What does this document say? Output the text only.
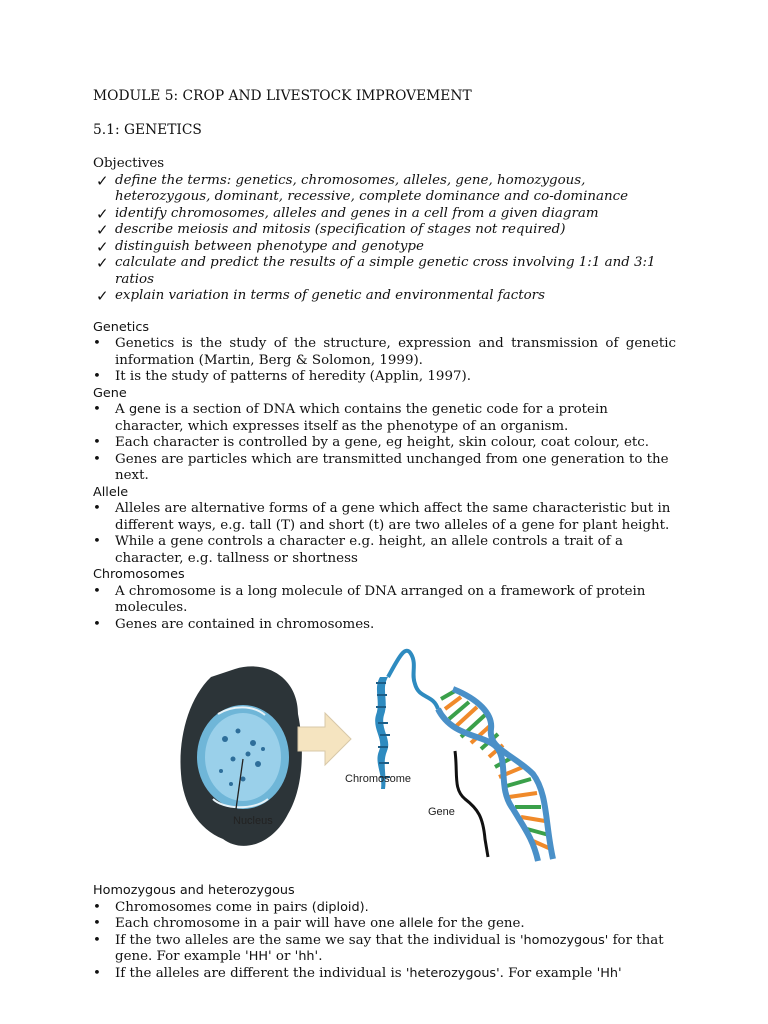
MODULE 5: CROP AND LIVESTOCK IMPROVEMENT
5.1: GENETICS
Objectives
✓ define the terms: genetics, chromosomes, alleles, gene, homozygous, heterozygous, dominant, recessive, complete dominance and co-dominance
✓ identify chromosomes, alleles and genes in a cell from a given diagram
✓ describe meiosis and mitosis (specification of stages not required)
✓ distinguish between phenotype and genotype
✓ calculate and predict the results of a simple genetic cross involving 1:1 and 3:1 ratios
✓ explain variation in terms of genetic and environmental factors
Genetics
• Genetics is the study of the structure, expression and transmission of genetic information (Martin, Berg & Solomon, 1999).
• It is the study of patterns of heredity (Applin, 1997).
Gene
• A gene is a section of DNA which contains the genetic code for a protein character, which expresses itself as the phenotype of an organism.
• Each character is controlled by a gene, eg height, skin colour, coat colour, etc.
• Genes are particles which are transmitted unchanged from one generation to the next.
Allele
• Alleles are alternative forms of a gene which affect the same characteristic but in different ways, e.g. tall (T) and short (t) are two alleles of a gene for plant height.
• While a gene controls a character e.g. height, an allele controls a trait of a character, e.g. tallness or shortness
Chromosomes
• A chromosome is a long molecule of DNA arranged on a framework of protein molecules.
• Genes are contained in chromosomes.
Nucleus
Chromosome
Gene
Homozygous and heterozygous
• Chromosomes come in pairs (diploid).
• Each chromosome in a pair will have one allele for the gene.
• If the two alleles are the same we say that the individual is 'homozygous' for that gene. For example 'HH' or 'hh'.
• If the alleles are different the individual is 'heterozygous'. For example 'Hh'
